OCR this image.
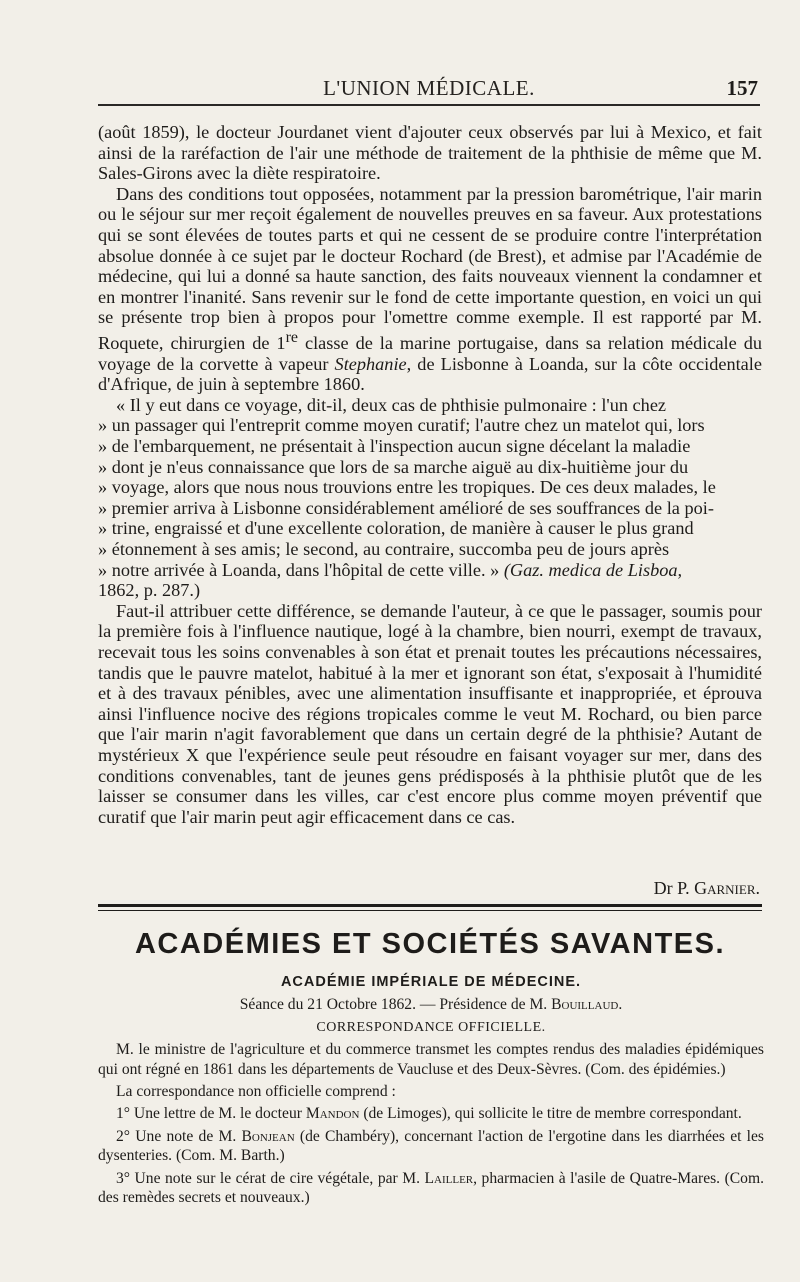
L'UNION MÉDICALE.	157

(août 1859), le docteur Jourdanet vient d'ajouter ceux observés par lui à Mexico, et fait ainsi de la raréfaction de l'air une méthode de traitement de la phthisie de même que M. Sales-Girons avec la diète respiratoire.

Dans des conditions tout opposées, notamment par la pression barométrique, l'air marin ou le séjour sur mer reçoit également de nouvelles preuves en sa faveur. Aux protestations qui se sont élevées de toutes parts et qui ne cessent de se produire contre l'interprétation absolue donnée à ce sujet par le docteur Rochard (de Brest), et admise par l'Académie de médecine, qui lui a donné sa haute sanction, des faits nouveaux viennent la condamner et en montrer l'inanité. Sans revenir sur le fond de cette importante question, en voici un qui se présente trop bien à propos pour l'omettre comme exemple. Il est rapporté par M. Roquete, chirurgien de 1re classe de la marine portugaise, dans sa relation médicale du voyage de la corvette à vapeur Stephanie, de Lisbonne à Loanda, sur la côte occidentale d'Afrique, de juin à septembre 1860.

« Il y eut dans ce voyage, dit-il, deux cas de phthisie pulmonaire : l'un chez
» un passager qui l'entreprit comme moyen curatif; l'autre chez un matelot qui, lors
» de l'embarquement, ne présentait à l'inspection aucun signe décelant la maladie
» dont je n'eus connaissance que lors de sa marche aiguë au dix-huitième jour du
» voyage, alors que nous nous trouvions entre les tropiques. De ces deux malades, le
» premier arriva à Lisbonne considérablement amélioré de ses souffrances de la poi-
» trine, engraissé et d'une excellente coloration, de manière à causer le plus grand
» étonnement à ses amis; le second, au contraire, succomba peu de jours après
» notre arrivée à Loanda, dans l'hôpital de cette ville. » (Gaz. medica de Lisboa,
1862, p. 287.)

Faut-il attribuer cette différence, se demande l'auteur, à ce que le passager, soumis pour la première fois à l'influence nautique, logé à la chambre, bien nourri, exempt de travaux, recevait tous les soins convenables à son état et prenait toutes les précautions nécessaires, tandis que le pauvre matelot, habitué à la mer et ignorant son état, s'exposait à l'humidité et à des travaux pénibles, avec une alimentation insuffisante et inappropriée, et éprouva ainsi l'influence nocive des régions tropicales comme le veut M. Rochard, ou bien parce que l'air marin n'agit favorablement que dans un certain degré de la phthisie? Autant de mystérieux X que l'expérience seule peut résoudre en faisant voyager sur mer, dans des conditions convenables, tant de jeunes gens prédisposés à la phthisie plutôt que de les laisser se consumer dans les villes, car c'est encore plus comme moyen préventif que curatif que l'air marin peut agir efficacement dans ce cas.

Dr P. Garnier.
ACADÉMIES ET SOCIÉTÉS SAVANTES.

ACADÉMIE IMPÉRIALE DE MÉDECINE.

Séance du 21 Octobre 1862. — Présidence de M. Bouillaud.

CORRESPONDANCE OFFICIELLE.

M. le ministre de l'agriculture et du commerce transmet les comptes rendus des maladies épidémiques qui ont régné en 1861 dans les départements de Vaucluse et des Deux-Sèvres. (Com. des épidémies.)

La correspondance non officielle comprend :

1° Une lettre de M. le docteur Mandon (de Limoges), qui sollicite le titre de membre correspondant.

2° Une note de M. Bonjean (de Chambéry), concernant l'action de l'ergotine dans les diarrhées et les dysenteries. (Com. M. Barth.)

3° Une note sur le cérat de cire végétale, par M. Lailler, pharmacien à l'asile de Quatre-Mares. (Com. des remèdes secrets et nouveaux.)
